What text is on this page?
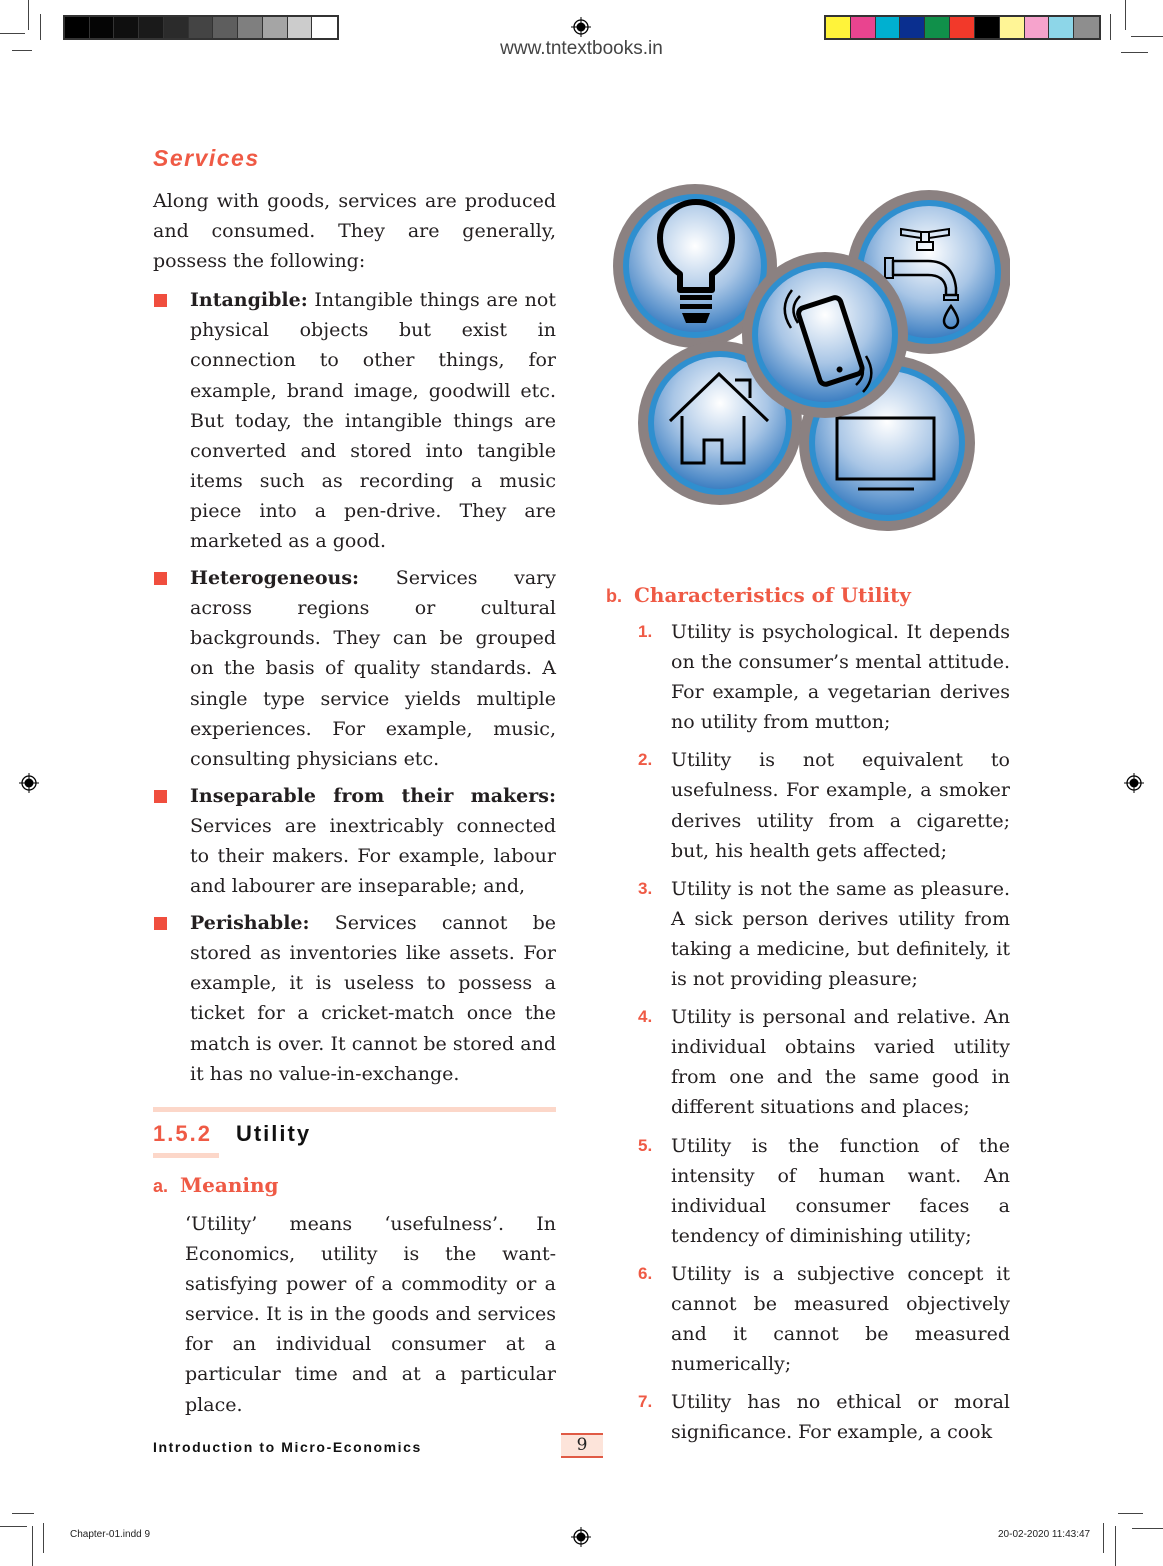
www.tntextbooks.in
Services

Along with goods, services are produced and consumed. They are generally, possess the following:

Intangible: Intangible things are not physical objects but exist in connection to other things, for example, brand image, goodwill etc. But today, the intangible things are converted and stored into tangible items such as recording a music piece into a pen-drive. They are marketed as a good.
Heterogeneous: Services vary across regions or cultural backgrounds. They can be grouped on the basis of quality standards. A single type service yields multiple experiences. For example, music, consulting physicians etc.
Inseparable from their makers: Services are inextricably connected to their makers. For example, labour and labourer are inseparable; and,
Perishable: Services cannot be stored as inventories like assets. For example, it is useless to possess a ticket for a cricket-match once the match is over. It cannot be stored and it has no value-in-exchange.
1.5.2 Utility
a. Meaning

‘Utility’ means ‘usefulness’. In Economics, utility is the want-satisfying power of a commodity or a service. It is in the goods and services for an individual consumer at a particular time and at a particular place.

b. Characteristics of Utility
1. Utility is psychological. It depends on the consumer’s mental attitude. For example, a vegetarian derives no utility from mutton;
2. Utility is not equivalent to usefulness. For example, a smoker derives utility from a cigarette; but, his health gets affected;
3. Utility is not the same as pleasure. A sick person derives utility from taking a medicine, but definitely, it is not providing pleasure;
4. Utility is personal and relative. An individual obtains varied utility from one and the same good in different situations and places;
5. Utility is the function of the intensity of human want. An individual consumer faces a tendency of diminishing utility;
6. Utility is a subjective concept it cannot be measured objectively and it cannot be measured numerically;
7. Utility has no ethical or moral significance. For example, a cook
Introduction to Micro-Economics	9
Chapter-01.indd 9	20-02-2020 11:43:47
